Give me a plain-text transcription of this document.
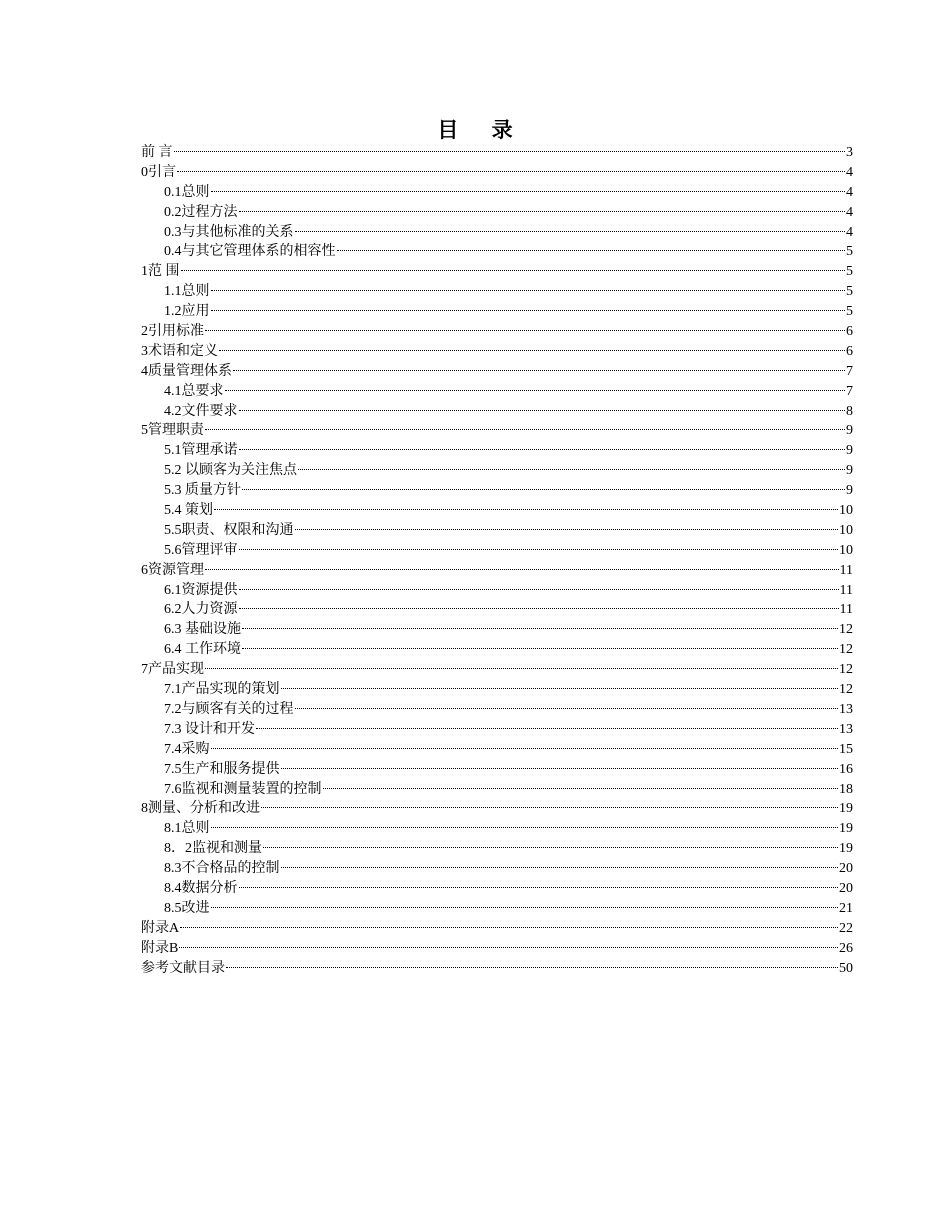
目 录
前 言	3
0引言	4
0.1总则	4
0.2过程方法	4
0.3与其他标准的关系	4
0.4与其它管理体系的相容性	5
1范 围	5
1.1总则	5
1.2应用	5
2引用标准	6
3术语和定义	6
4质量管理体系	7
4.1总要求	7
4.2文件要求	8
5管理职责	9
5.1管理承诺	9
5.2 以顾客为关注焦点	9
5.3 质量方针	9
5.4 策划	10
5.5职责、权限和沟通	10
5.6管理评审	10
6资源管理	11
6.1资源提供	11
6.2人力资源	11
6.3 基础设施	12
6.4 工作环境	12
7产品实现	12
7.1产品实现的策划	12
7.2与顾客有关的过程	13
7.3 设计和开发	13
7.4采购	15
7.5生产和服务提供	16
7.6监视和测量装置的控制	18
8测量、分析和改进	19
8.1总则	19
8．2监视和测量	19
8.3不合格品的控制	20
8.4数据分析	20
8.5改进	21
附录A	22
附录B	26
参考文献目录	50
